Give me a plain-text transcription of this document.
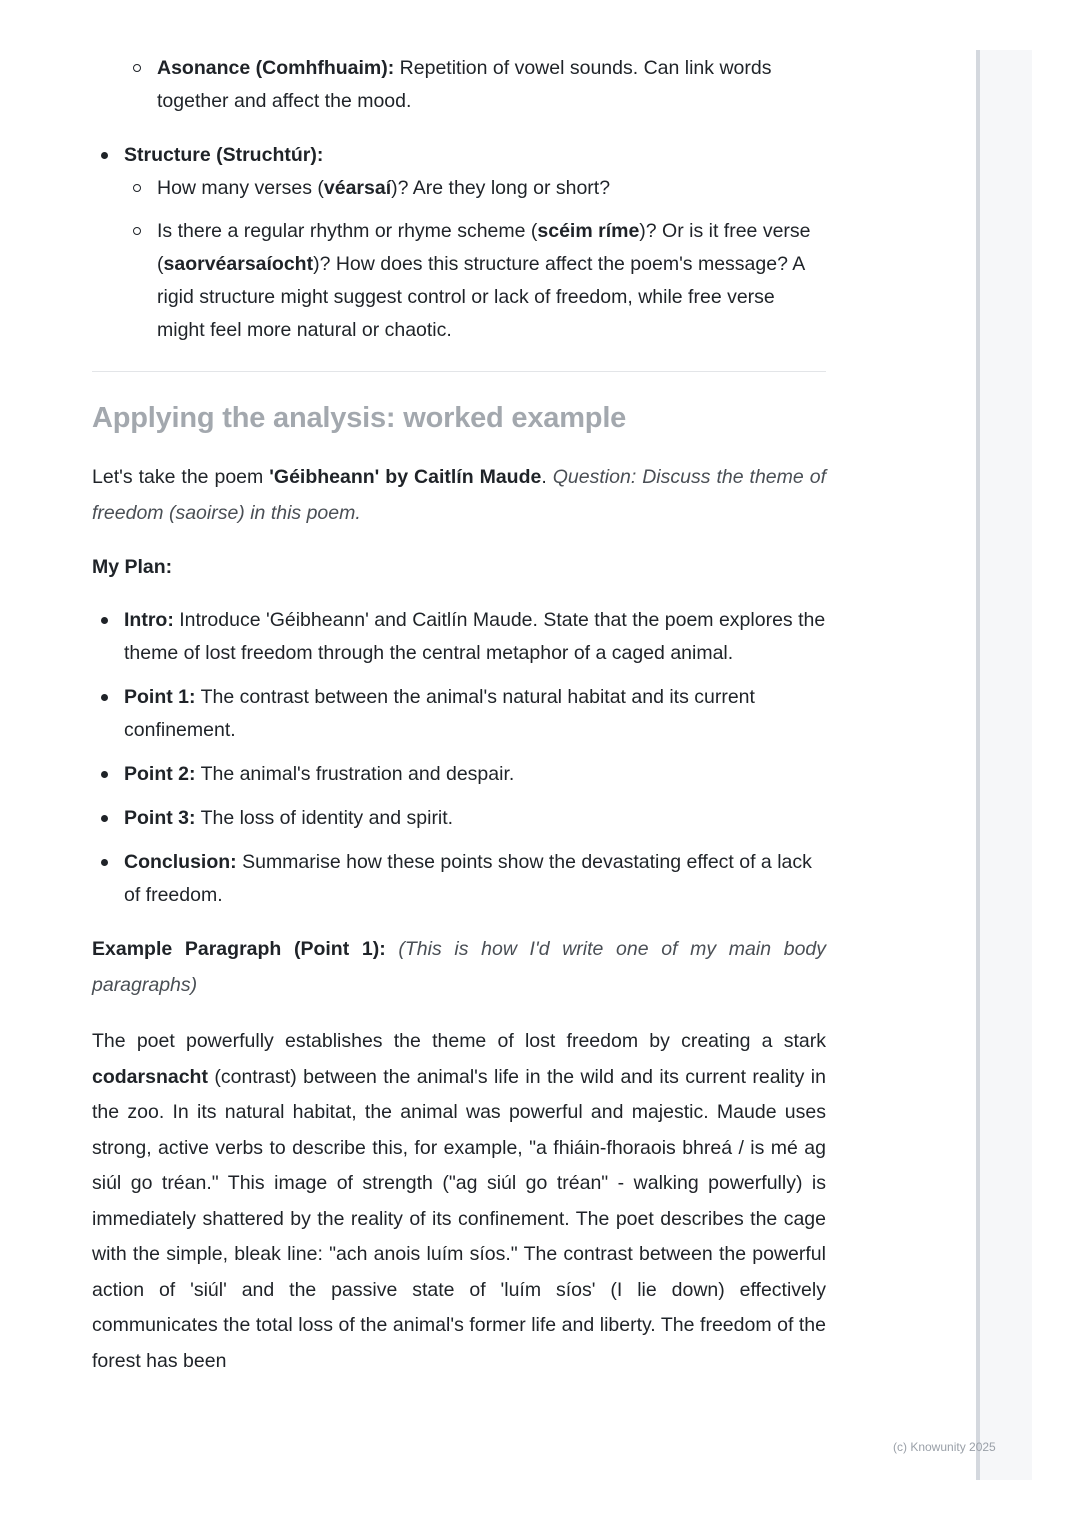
Asonance (Comhfhuaim): Repetition of vowel sounds. Can link words together and affect the mood.
Structure (Struchtúr):
How many verses (véarsaí)? Are they long or short?
Is there a regular rhythm or rhyme scheme (scéim ríme)? Or is it free verse (saorvéarsaíocht)? How does this structure affect the poem's message? A rigid structure might suggest control or lack of freedom, while free verse might feel more natural or chaotic.
Applying the analysis: worked example

Let's take the poem 'Géibheann' by Caitlín Maude. Question: Discuss the theme of freedom (saoirse) in this poem.

My Plan:

Intro: Introduce 'Géibheann' and Caitlín Maude. State that the poem explores the theme of lost freedom through the central metaphor of a caged animal.
Point 1: The contrast between the animal's natural habitat and its current confinement.
Point 2: The animal's frustration and despair.
Point 3: The loss of identity and spirit.
Conclusion: Summarise how these points show the devastating effect of a lack of freedom.

Example Paragraph (Point 1): (This is how I'd write one of my main body paragraphs)

The poet powerfully establishes the theme of lost freedom by creating a stark codarsnacht (contrast) between the animal's life in the wild and its current reality in the zoo. In its natural habitat, the animal was powerful and majestic. Maude uses strong, active verbs to describe this, for example, "a fhiáin-fhoraois bhreá / is mé ag siúl go tréan." This image of strength ("ag siúl go tréan" - walking powerfully) is immediately shattered by the reality of its confinement. The poet describes the cage with the simple, bleak line: "ach anois luím síos." The contrast between the powerful action of 'siúl' and the passive state of 'luím síos' (I lie down) effectively communicates the total loss of the animal's former life and liberty. The freedom of the forest has been

(c) Knowunity 2025
